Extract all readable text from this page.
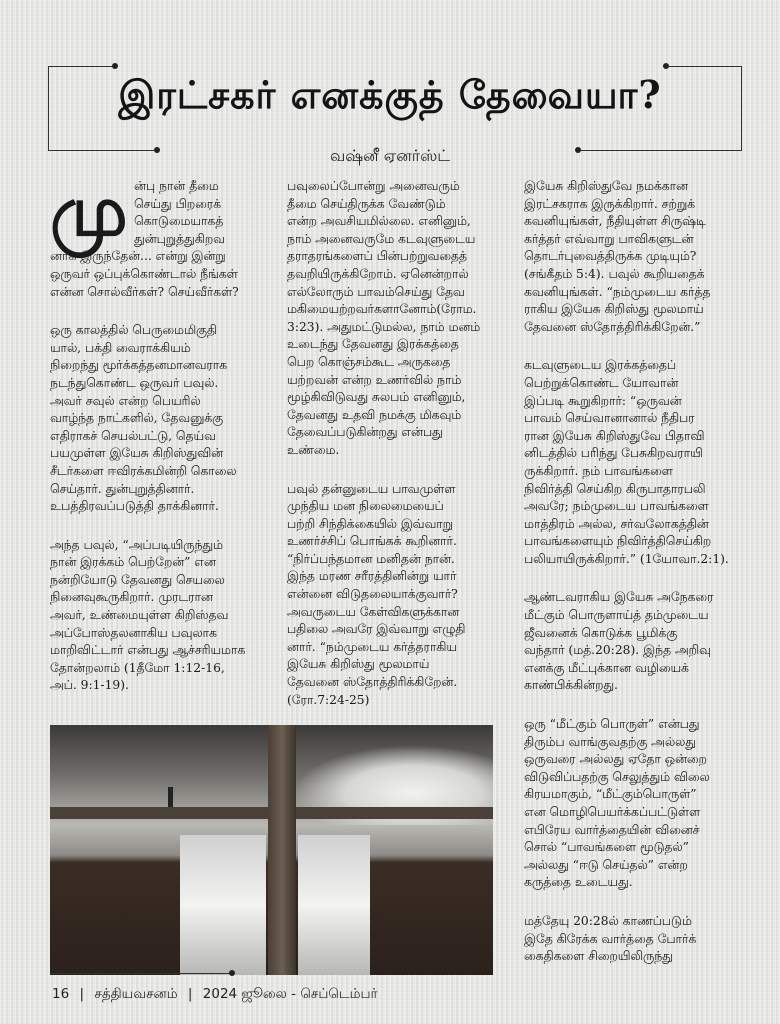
இரட்சகர் எனக்குத் தேவையா?
வஷ்னீ ஏனர்ஸ்ட்
மு ன்பு நான் தீமை
செய்து பிறரைக்
கொடுமையாகத்
துன்புறுத்துகிறவ
னாக இருந்தேன்... என்று இன்று
ஒருவர் ஒப்புக்கொண்டால் நீங்கள்
என்ன சொல்வீர்கள்? செய்வீர்கள்?
ஒரு காலத்தில் பெருமைமிகுதி
யால், பக்தி வைராக்கியம்
நிறைந்து மூர்க்கத்தனமானவராக
நடந்துகொண்ட ஒருவர் பவுல்.
அவர் சவுல் என்ற பெயரில்
வாழ்ந்த நாட்களில், தேவனுக்கு
எதிராகச் செயல்பட்டு, தெய்வ
பயமுள்ள இயேசு கிறிஸ்துவின்
சீடர்களை ஈவிரக்கமின்றி கொலை
செய்தார். துன்புறுத்தினார்.
உபத்திரவப்படுத்தி தாக்கினார்.
அந்த பவுல், “அப்படியிருந்தும்
நான் இரக்கம் பெற்றேன்” என
நன்றியோடு தேவனது செயலை
நினைவுகூருகிறார். முரடரான
அவர், உண்மையுள்ள கிறிஸ்தவ
அப்போஸ்தலனாகிய பவுலாக
மாறிவிட்டார் என்பது ஆச்சரியமாக
தோன்றலாம் (1தீமோ 1:12-16,
அப். 9:1-19).
பவுலைப்போன்று அனைவரும்
தீமை செய்திருக்க வேண்டும்
என்ற அவசியமில்லை. எனினும்,
நாம் அனைவருமே கடவுளுடைய
தராதரங்களைப் பின்பற்றுவதைத்
தவறியிருக்கிறோம். ஏனென்றால்
எல்லோரும் பாவம்செய்து தேவ
மகிமையற்றவர்களானோம்(ரோம.
3:23). அதுமட்டுமல்ல, நாம் மனம்
உடைந்து தேவனது இரக்கத்தை
பெற கொஞ்சம்கூட அருகதை
யற்றவன் என்ற உணர்வில் நாம்
மூழ்கிவிடுவது சுலபம் எனினும்,
தேவனது உதவி நமக்கு மிகவும்
தேவைப்படுகின்றது என்பது
உண்மை.
பவுல் தன்னுடைய பாவமுள்ள
முந்திய மன நிலைமையைப்
பற்றி சிந்திக்கையில் இவ்வாறு
உணர்ச்சிப் பொங்கக் கூறினார்.
“நிர்ப்பந்தமான மனிதன் நான்.
இந்த மரண சரீரத்தினின்று யார்
என்னை விடுதலையாக்குவார்?
அவருடைய கேள்விகளுக்கான
பதிலை அவரே இவ்வாறு எழுதி
னார். “நம்முடைய கர்த்தராகிய
இயேசு கிறிஸ்து மூலமாய்
தேவனை ஸ்தோத்திரிக்கிறேன்.
(ரோ.7:24-25)
இயேசு கிறிஸ்துவே நமக்கான
இரட்சகராக இருக்கிறார். சற்றுக்
கவனியுங்கள், நீதியுள்ள சிருஷ்டி
கர்த்தர் எவ்வாறு பாவிகளுடன்
தொடர்புவைத்திருக்க முடியும்?
(சங்கீதம் 5:4). பவுல் கூறியதைக்
கவனியுங்கள். “நம்முடைய கர்த்த
ராகிய இயேசு கிறிஸ்து மூலமாய்
தேவனை ஸ்தோத்திரிக்கிறேன்.”
கடவுளுடைய இரக்கத்தைப்
பெற்றுக்கொண்ட யோவான்
இப்படி கூறுகிறார்: “ஒருவன்
பாவம் செய்வானானால் நீதிபர
ரான இயேசு கிறிஸ்துவே பிதாவி
னிடத்தில் பரிந்து பேசுகிறவராயி
ருக்கிறார். நம் பாவங்களை
நிவிர்த்தி செய்கிற கிருபாதாரபலி
அவரே; நம்முடைய பாவங்களை
மாத்திரம் அல்ல, சர்வலோகத்தின்
பாவங்களையும் நிவிர்த்திசெய்கிற
பலியாயிருக்கிறார்.” (1யோவா.2:1).
ஆண்டவராகிய இயேசு அநேகரை
மீட்கும் பொருளாய்த் தம்முடைய
ஜீவனைக் கொடுக்க பூமிக்கு
வந்தார் (மத்.20:28). இந்த அறிவு
எனக்கு மீட்புக்கான வழியைக்
காண்பிக்கின்றது.
ஒரு “மீட்கும் பொருள்” என்பது
திரும்ப வாங்குவதற்கு அல்லது
ஒருவரை அல்லது ஏதோ ஒன்றை
விடுவிப்பதற்கு செலுத்தும் விலை
கிரயமாகும், “மீட்கும்பொருள்”
என மொழிபெயர்க்கப்பட்டுள்ள
எபிரேய வார்த்தையின் வினைச்
சொல் “பாவங்களை மூடுதல்”
அல்லது “ஈடு செய்தல்” என்ற
கருத்தை உடையது.
மத்தேயு 20:28ல் காணப்படும்
இதே கிரேக்க வார்த்தை போர்க்
கைதிகளை சிறையிலிருந்து
16 | சத்தியவசனம் | 2024 ஜூலை - செப்டெம்பர்
